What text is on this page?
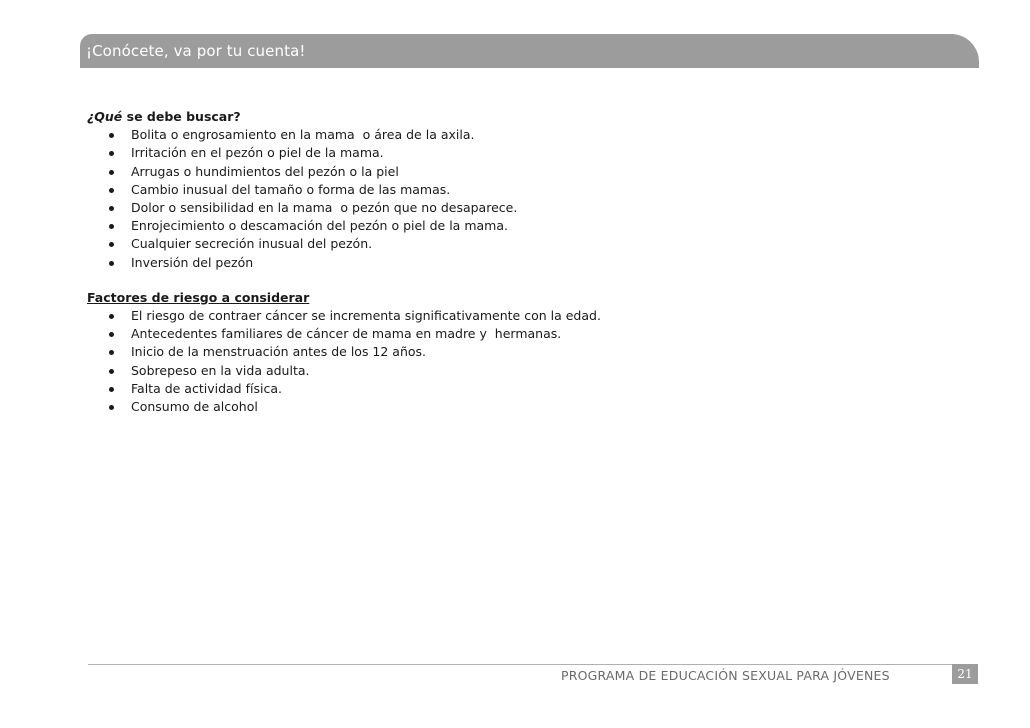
¡Conócete, va por tu cuenta!

¿Qué se debe buscar?

Bolita o engrosamiento en la mama  o área de la axila.
Irritación en el pezón o piel de la mama.
Arrugas o hundimientos del pezón o la piel
Cambio inusual del tamaño o forma de las mamas.
Dolor o sensibilidad en la mama  o pezón que no desaparece.
Enrojecimiento o descamación del pezón o piel de la mama.
Cualquier secreción inusual del pezón.
Inversión del pezón

Factores de riesgo a considerar

El riesgo de contraer cáncer se incrementa significativamente con la edad.
Antecedentes familiares de cáncer de mama en madre y  hermanas.
Inicio de la menstruación antes de los 12 años.
Sobrepeso en la vida adulta.
Falta de actividad física.
Consumo de alcohol
PROGRAMA DE EDUCACIÓN SEXUAL PARA JÓVENES	21
